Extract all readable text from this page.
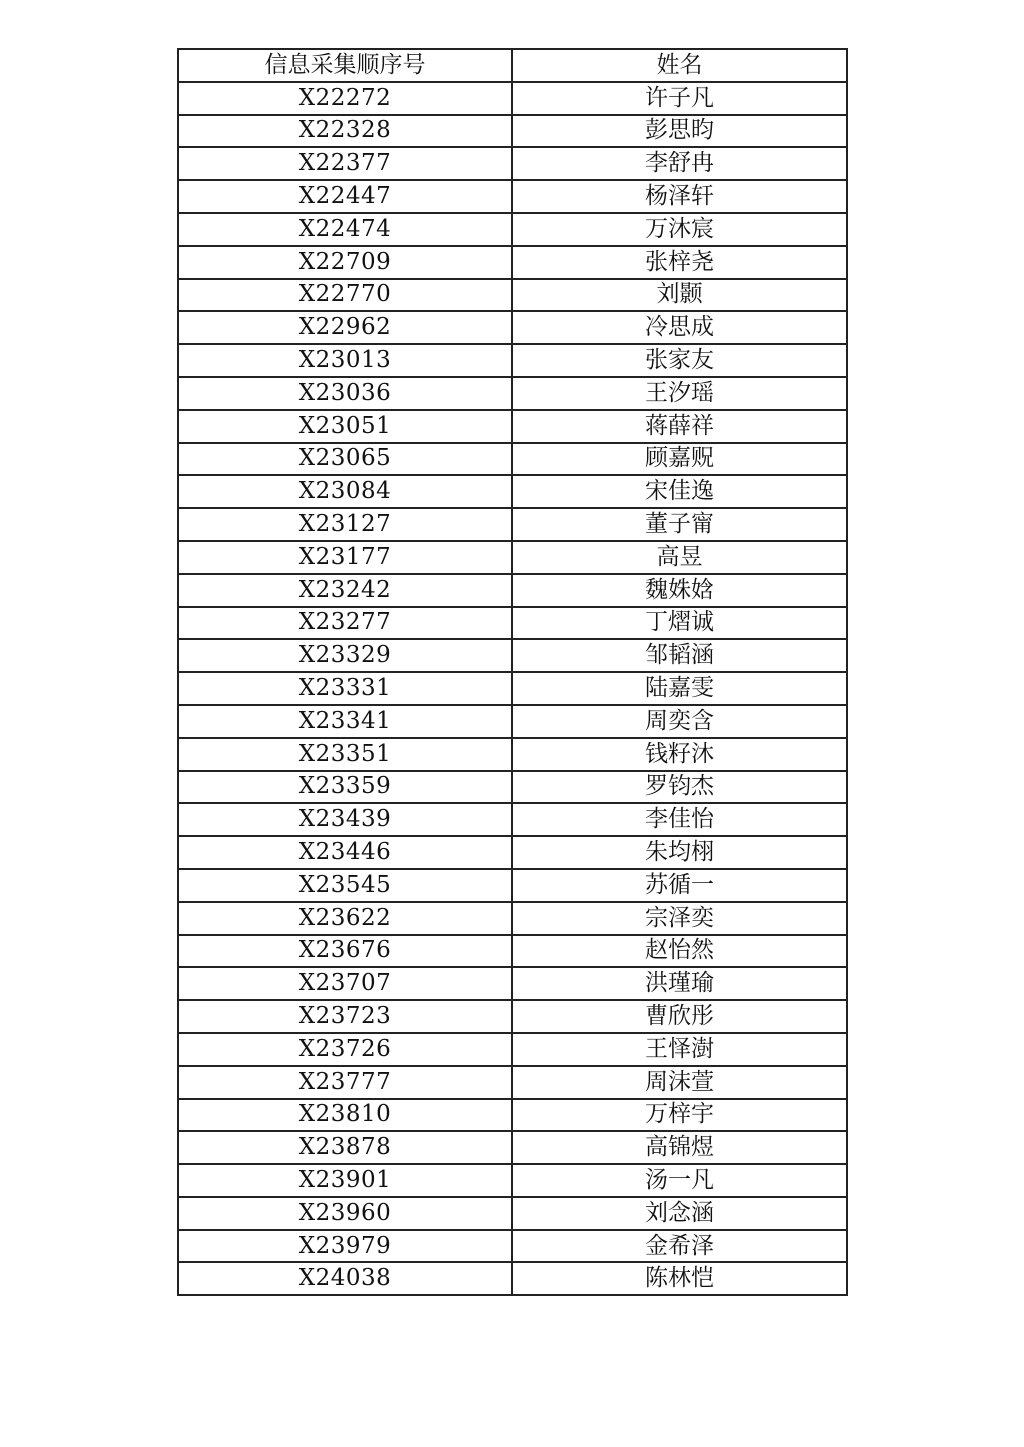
信息采集顺序号	姓名
X22272	许子凡
X22328	彭思昀
X22377	李舒冉
X22447	杨泽轩
X22474	万沐宸
X22709	张梓尧
X22770	刘颢
X22962	冷思成
X23013	张家友
X23036	王汐瑶
X23051	蒋薛祥
X23065	顾嘉贶
X23084	宋佳逸
X23127	董子甯
X23177	高昱
X23242	魏姝娢
X23277	丁熠诚
X23329	邹韬涵
X23331	陆嘉雯
X23341	周奕含
X23351	钱籽沐
X23359	罗钧杰
X23439	李佳怡
X23446	朱均栩
X23545	苏循一
X23622	宗泽奕
X23676	赵怡然
X23707	洪瑾瑜
X23723	曹欣彤
X23726	王怿澍
X23777	周沫萱
X23810	万梓宇
X23878	高锦煜
X23901	汤一凡
X23960	刘念涵
X23979	金希泽
X24038	陈林恺
